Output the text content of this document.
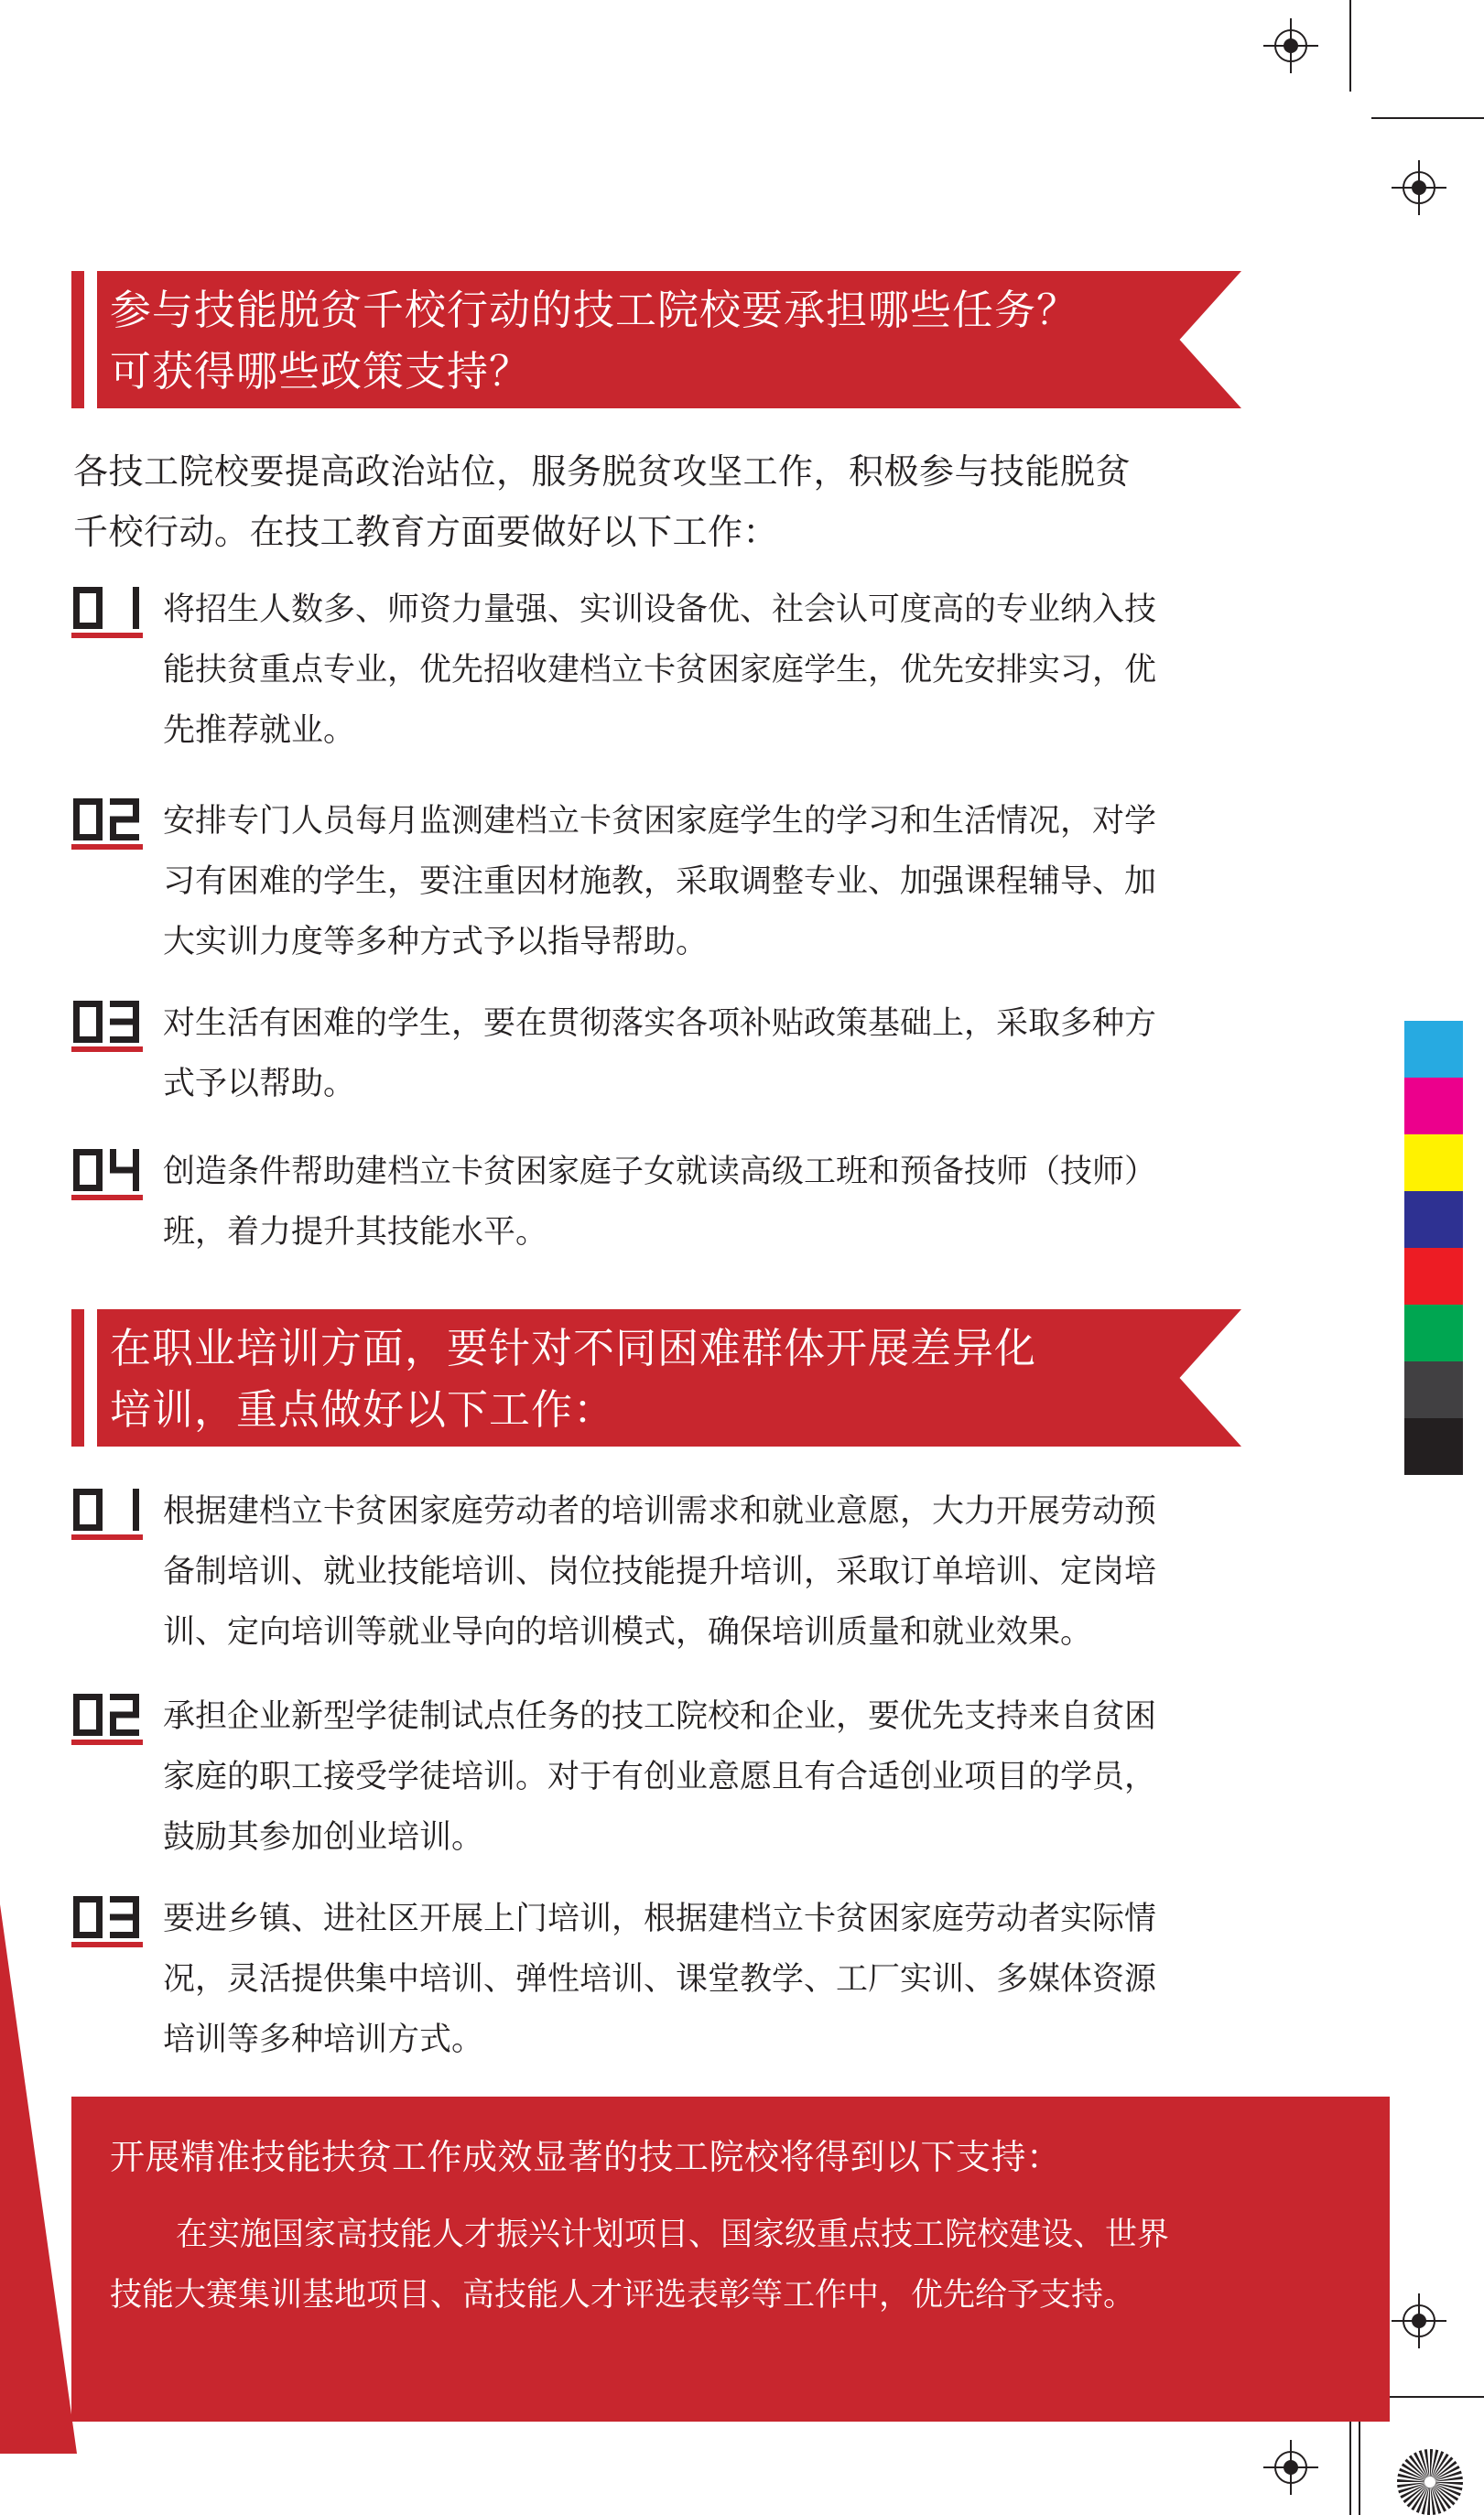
参与技能脱贫千校行动的技工院校要承担哪些任务？
可获得哪些政策支持？
各技工院校要提高政治站位，服务脱贫攻坚工作，积极参与技能脱贫
千校行动。在技工教育方面要做好以下工作：
将招生人数多、师资力量强、实训设备优、社会认可度高的专业纳入技
能扶贫重点专业，优先招收建档立卡贫困家庭学生，优先安排实习，优
先推荐就业。
安排专门人员每月监测建档立卡贫困家庭学生的学习和生活情况，对学
习有困难的学生，要注重因材施教，采取调整专业、加强课程辅导、加
大实训力度等多种方式予以指导帮助。
对生活有困难的学生，要在贯彻落实各项补贴政策基础上，采取多种方
式予以帮助。
创造条件帮助建档立卡贫困家庭子女就读高级工班和预备技师（技师）
班，着力提升其技能水平。
在职业培训方面，要针对不同困难群体开展差异化
培训，重点做好以下工作：
根据建档立卡贫困家庭劳动者的培训需求和就业意愿，大力开展劳动预
备制培训、就业技能培训、岗位技能提升培训，采取订单培训、定岗培
训、定向培训等就业导向的培训模式，确保培训质量和就业效果。
承担企业新型学徒制试点任务的技工院校和企业，要优先支持来自贫困
家庭的职工接受学徒培训。对于有创业意愿且有合适创业项目的学员，
鼓励其参加创业培训。
要进乡镇、进社区开展上门培训，根据建档立卡贫困家庭劳动者实际情
况，灵活提供集中培训、弹性培训、课堂教学、工厂实训、多媒体资源
培训等多种培训方式。
开展精准技能扶贫工作成效显著的技工院校将得到以下支持：
在实施国家高技能人才振兴计划项目、国家级重点技工院校建设、世界
技能大赛集训基地项目、高技能人才评选表彰等工作中，优先给予支持。
